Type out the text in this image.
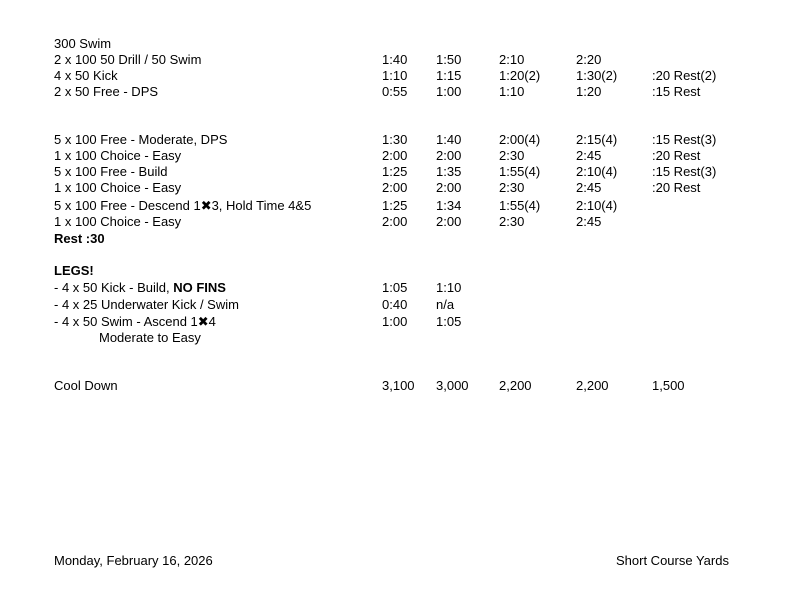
300 Swim
2 x 100 50 Drill / 50 Swim	1:40 1:50	2:10	2:20
4 x 50 Kick	1:10 1:15	1:20(2)	1:30(2)	:20 Rest(2)
2 x 50 Free - DPS	0:55 1:00	1:10	1:20	:15 Rest
5 x 100 Free - Moderate, DPS	1:30 1:40	2:00(4)	2:15(4)	:15 Rest(3)
1 x 100 Choice - Easy	2:00 2:00	2:30	2:45	:20 Rest
5 x 100 Free - Build	1:25 1:35	1:55(4)	2:10(4)	:15 Rest(3)
1 x 100 Choice - Easy	2:00 2:00	2:30	2:45	:20 Rest
5 x 100 Free - Descend 1✖3, Hold Time 4&5	1:25 1:34	1:55(4)	2:10(4)
1 x 100 Choice - Easy	2:00 2:00	2:30	2:45
Rest :30
LEGS!
- 4 x 50 Kick - Build, NO FINS	1:05 1:10
- 4 x 25 Underwater Kick / Swim	0:40 n/a
- 4 x 50 Swim - Ascend 1✖4	1:00 1:05
Moderate to Easy
Cool Down	3,100 3,000 2,200	2,200	1,500
Monday, February 16, 2026	Short Course Yards
